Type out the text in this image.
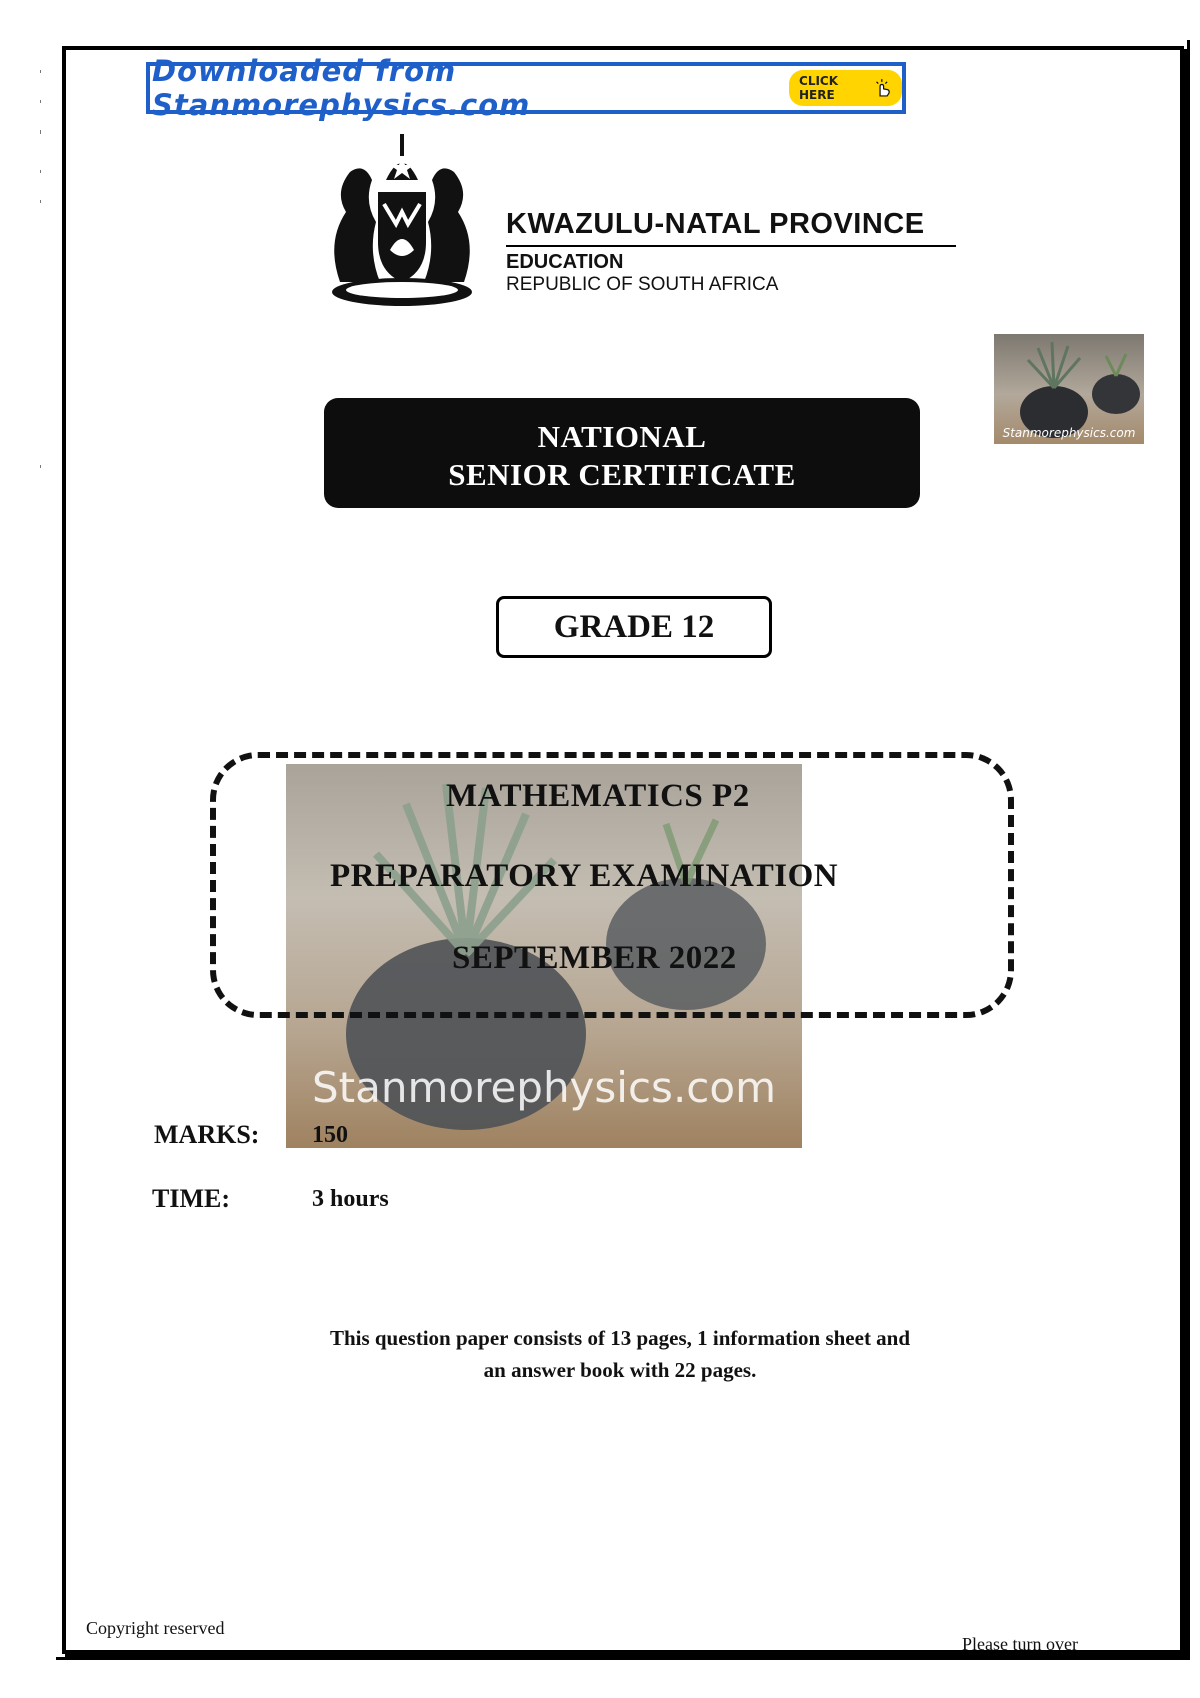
Downloaded from Stanmorephysics.com
CLICK HERE
KWAZULU-NATAL PROVINCE
EDUCATION
REPUBLIC OF SOUTH AFRICA
Stanmorephysics.com
NATIONAL
SENIOR CERTIFICATE
GRADE 12
Stanmorephysics.com
MATHEMATICS P2
PREPARATORY EXAMINATION
SEPTEMBER 2022
MARKS: 150
TIME:	3 hours
This question paper consists of 13 pages, 1 information sheet and
an answer book with 22 pages.
Copyright reserved
Please turn over
